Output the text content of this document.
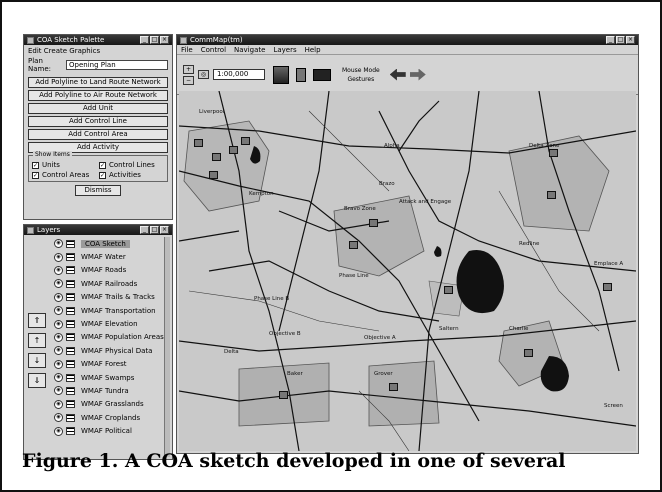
COA Sketch Palette	_ □ ×
Edit Create Graphics
Plan Name:
Opening Plan
Add Polyline to Land Route Network
Add Polyline to Air Route Network
Add Unit
Add Control Line
Add Control Area
Add Activity
Show Items
✓ Units	✓ Control Lines
✓ Control Areas ✓ Activities
Dismiss
Layers	_ □ ×
⇑
↑
↓
⇓
◉	COA Sketch
◉	WMAF Water
◉	WMAF Roads
◉	WMAF Railroads
◉	WMAF Trails & Tracks
◉	WMAF Transportation
◉	WMAF Elevation
◉	WMAF Population Areas
◉	WMAF Physical Data
◉	WMAF Forest
◉	WMAF Swamps
◉	WMAF Tundra
◉	WMAF Grasslands
◉	WMAF Croplands
◉	WMAF Political
CommMap(tm)	_ □ ×
File Control Navigate Layers Help
+
−
◎	1:00,000	Mouse Mode
Gestures
Liverpool
Alpha
Brazo
Kempton
Bravo Zone
Phase Line
Delta Zone
Attack and Engage
Objective B
Objective A
Redline
Saltern
Baker	Grover
Charlie
Emplace A
Delta
Phase Line B
Screen
Figure 1. A COA sketch developed in one of several
